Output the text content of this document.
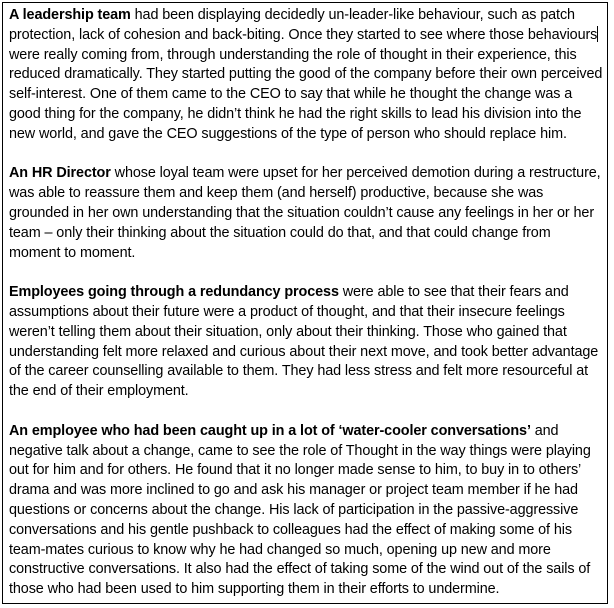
A leadership team had been displaying decidedly un-leader-like behaviour, such as patch protection, lack of cohesion and back-biting. Once they started to see where those behaviours were really coming from, through understanding the role of thought in their experience, this reduced dramatically. They started putting the good of the company before their own perceived self-interest. One of them came to the CEO to say that while he thought the change was a good thing for the company, he didn’t think he had the right skills to lead his division into the new world, and gave the CEO suggestions of the type of person who should replace him.

An HR Director whose loyal team were upset for her perceived demotion during a restructure, was able to reassure them and keep them (and herself) productive, because she was grounded in her own understanding that the situation couldn’t cause any feelings in her or her team – only their thinking about the situation could do that, and that could change from moment to moment.

Employees going through a redundancy process were able to see that their fears and assumptions about their future were a product of thought, and that their insecure feelings weren’t telling them about their situation, only about their thinking. Those who gained that understanding felt more relaxed and curious about their next move, and took better advantage of the career counselling available to them. They had less stress and felt more resourceful at the end of their employment.

An employee who had been caught up in a lot of ‘water-cooler conversations’ and negative talk about a change, came to see the role of Thought in the way things were playing out for him and for others. He found that it no longer made sense to him, to buy in to others’ drama and was more inclined to go and ask his manager or project team member if he had questions or concerns about the change. His lack of participation in the passive-aggressive conversations and his gentle pushback to colleagues had the effect of making some of his team-mates curious to know why he had changed so much, opening up new and more constructive conversations. It also had the effect of taking some of the wind out of the sails of those who had been used to him supporting them in their efforts to undermine.
